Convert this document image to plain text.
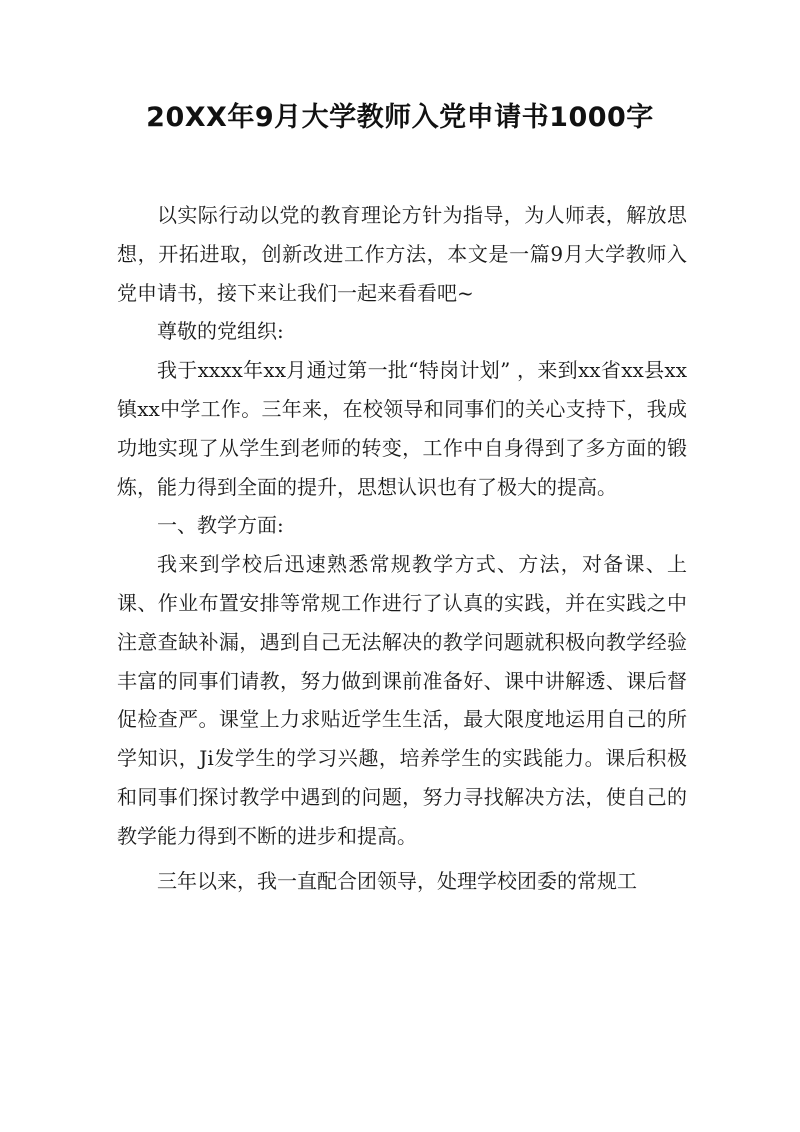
20XX年9月大学教师入党申请书1000字

以实际行动以党的教育理论方针为指导，为人师表，解放思想，开拓进取，创新改进工作方法，本文是一篇9月大学教师入党申请书，接下来让我们一起来看看吧~

尊敬的党组织:

我于xxxx年xx月通过第一批“特岗计划” ，来到xx省xx县xx镇xx中学工作。三年来，在校领导和同事们的关心支持下，我成功地实现了从学生到老师的转变，工作中自身得到了多方面的锻炼，能力得到全面的提升，思想认识也有了极大的提高。

一、教学方面:

我来到学校后迅速熟悉常规教学方式、方法，对备课、上课、作业布置安排等常规工作进行了认真的实践，并在实践之中注意查缺补漏，遇到自己无法解决的教学问题就积极向教学经验丰富的同事们请教，努力做到课前准备好、课中讲解透、课后督促检查严。课堂上力求贴近学生生活，最大限度地运用自己的所学知识，Ji发学生的学习兴趣，培养学生的实践能力。课后积极和同事们探讨教学中遇到的问题，努力寻找解决方法，使自己的教学能力得到不断的进步和提高。

三年以来，我一直配合团领导，处理学校团委的常规工
